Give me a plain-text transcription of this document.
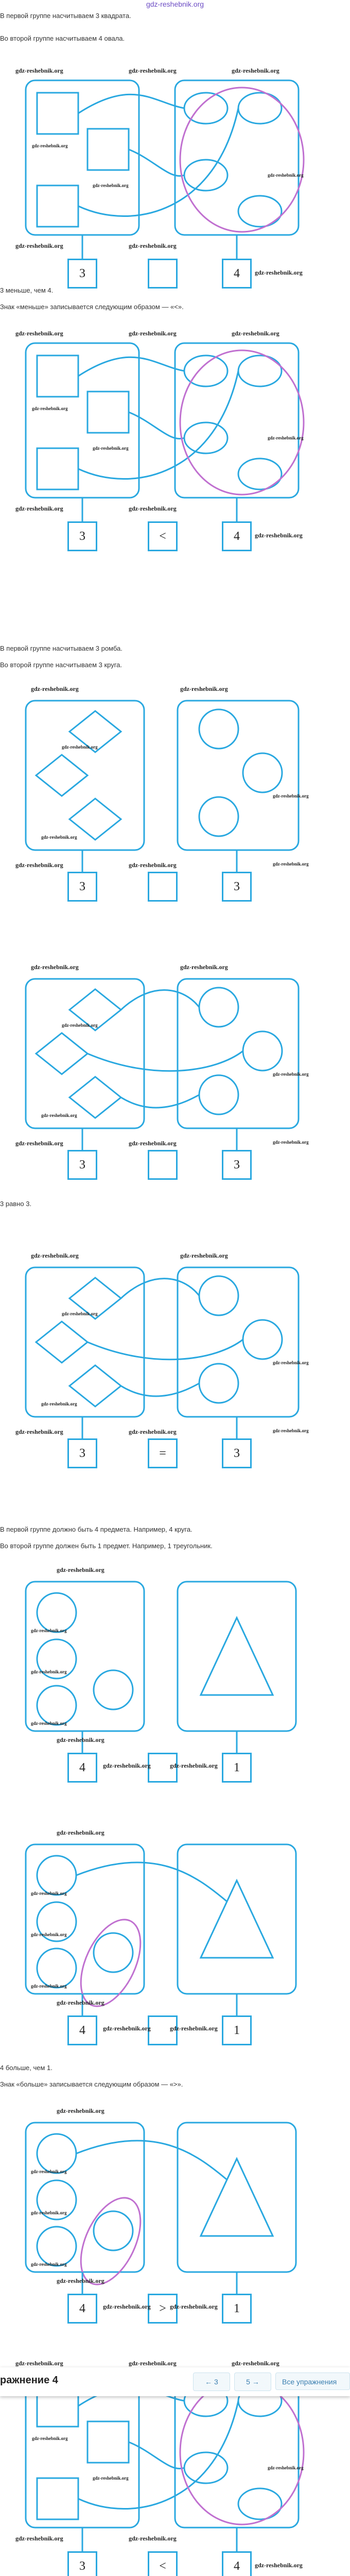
gdz-reshebnik.org
В первой группе насчитываем 3 квадрата.
Во второй группе насчитываем 4 овала.
3 меньше, чем 4.
Знак «меньше» записывается следующим образом — «<».
В первой группе насчитываем 3 ромба.
Во второй группе насчитываем 3 круга.
3 равно 3.
В первой группе должно быть 4 предмета. Например, 4 круга.
Во второй группе должен быть 1 предмет. Например, 1 треугольник.
4 больше, чем 1.
Знак «больше» записывается следующим образом — «>».
gdz-reshebnik.org	gdz-reshebnik.org	gdz-reshebnik.org
gdz-reshebnik.org
gdz-reshebnik.org
gdz-reshebnik.org
3	4
gdz-reshebnik.org	gdz-reshebnik.org
gdz-reshebnik.org
gdz-reshebnik.org	gdz-reshebnik.org	gdz-reshebnik.org
gdz-reshebnik.org
gdz-reshebnik.org
gdz-reshebnik.org
3	<	4
gdz-reshebnik.org	gdz-reshebnik.org
gdz-reshebnik.org
gdz-reshebnik.org	gdz-reshebnik.org
gdz-reshebnik.org
gdz-reshebnik.org
gdz-reshebnik.org
3	3
gdz-reshebnik.org	gdz-reshebnik.org	gdz-reshebnik.org
gdz-reshebnik.org	gdz-reshebnik.org
gdz-reshebnik.org
gdz-reshebnik.org
gdz-reshebnik.org
3	3
gdz-reshebnik.org	gdz-reshebnik.org	gdz-reshebnik.org
gdz-reshebnik.org	gdz-reshebnik.org
gdz-reshebnik.org
gdz-reshebnik.org
gdz-reshebnik.org
3	=	3
gdz-reshebnik.org	gdz-reshebnik.org	gdz-reshebnik.org
gdz-reshebnik.org
gdz-reshebnik.org
gdz-reshebnik.org
gdz-reshebnik.org
4	1
gdz-reshebnik.org
gdz-reshebnik.org	gdz-reshebnik.org
gdz-reshebnik.org
gdz-reshebnik.org
gdz-reshebnik.org
gdz-reshebnik.org
4	1
gdz-reshebnik.org
gdz-reshebnik.org	gdz-reshebnik.org
gdz-reshebnik.org
gdz-reshebnik.org
gdz-reshebnik.org
gdz-reshebnik.org
4	>	1
gdz-reshebnik.org
gdz-reshebnik.org	gdz-reshebnik.org
gdz-reshebnik.org	gdz-reshebnik.org	gdz-reshebnik.org
gdz-reshebnik.org
gdz-reshebnik.org
gdz-reshebnik.org
3	<	4
gdz-reshebnik.org	gdz-reshebnik.org
gdz-reshebnik.org
ражнение 4	← 3	5 →	Все упражнения
